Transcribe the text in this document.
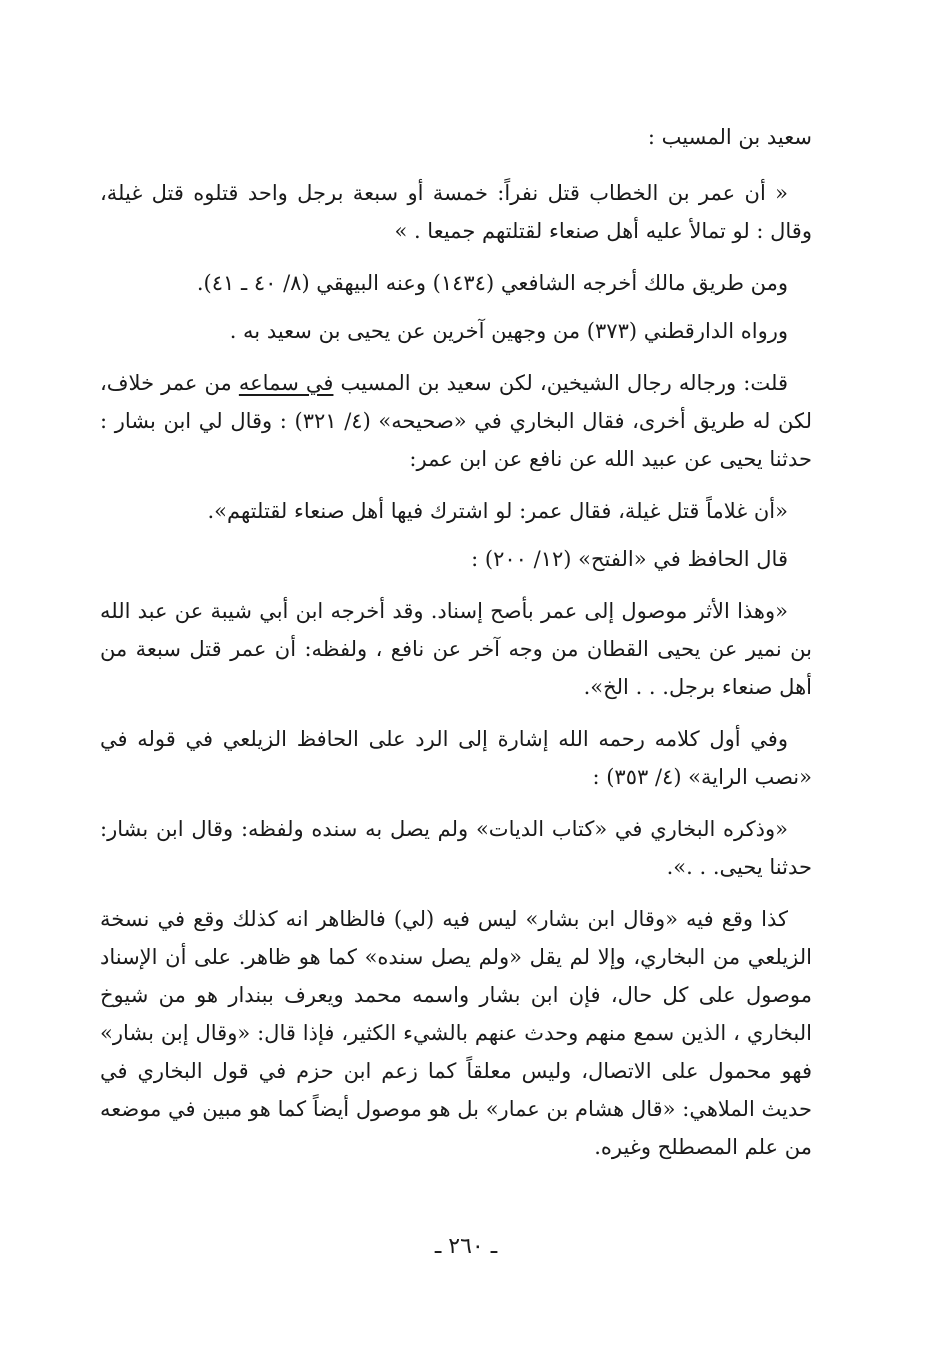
سعيد بن المسيب :

« أن عمر بن الخطاب قتل نفراً: خمسة أو سبعة برجل واحد قتلوه قتل غيلة، وقال : لو تمالأ عليه أهل صنعاء لقتلتهم جميعا . »

ومن طريق مالك أخرجه الشافعي (١٤٣٤) وعنه البيهقي (٨/ ٤٠ ـ ٤١).

ورواه الدارقطني (٣٧٣) من وجهين آخرين عن يحيى بن سعيد به .

قلت: ورجاله رجال الشيخين، لكن سعيد بن المسيب في سماعه من عمر خلاف، لكن له طريق أخرى، فقال البخاري في «صحيحه» (٤/ ٣٢١) : وقال لي ابن بشار : حدثنا يحيى عن عبيد الله عن نافع عن ابن عمر:

«أن غلاماً قتل غيلة، فقال عمر: لو اشترك فيها أهل صنعاء لقتلتهم».

قال الحافظ في «الفتح» (١٢/ ٢٠٠) :

«وهذا الأثر موصول إلى عمر بأصح إسناد. وقد أخرجه ابن أبي شيبة عن عبد الله بن نمير عن يحيى القطان من وجه آخر عن نافع ، ولفظه: أن عمر قتل سبعة من أهل صنعاء برجل. . . الخ».

وفي أول كلامه رحمه الله إشارة إلى الرد على الحافظ الزيلعي في قوله في «نصب الراية» (٤/ ٣٥٣) :

«وذكره البخاري في «كتاب الديات» ولم يصل به سنده ولفظه: وقال ابن بشار: حدثنا يحيى. . .».

كذا وقع فيه «وقال ابن بشار» ليس فيه (لي) فالظاهر انه كذلك وقع في نسخة الزيلعي من البخاري، وإلا لم يقل «ولم يصل سنده» كما هو ظاهر. على أن الإسناد موصول على كل حال، فإن ابن بشار واسمه محمد ويعرف ببندار هو من شيوخ البخاري ، الذين سمع منهم وحدث عنهم بالشيء الكثير، فإذا قال: «وقال إبن بشار» فهو محمول على الاتصال، وليس معلقاً كما زعم ابن حزم في قول البخاري في حديث الملاهي: «قال هشام بن عمار» بل هو موصول أيضاً كما هو مبين في موضعه من علم المصطلح وغيره.

ـ ٢٦٠ ـ
